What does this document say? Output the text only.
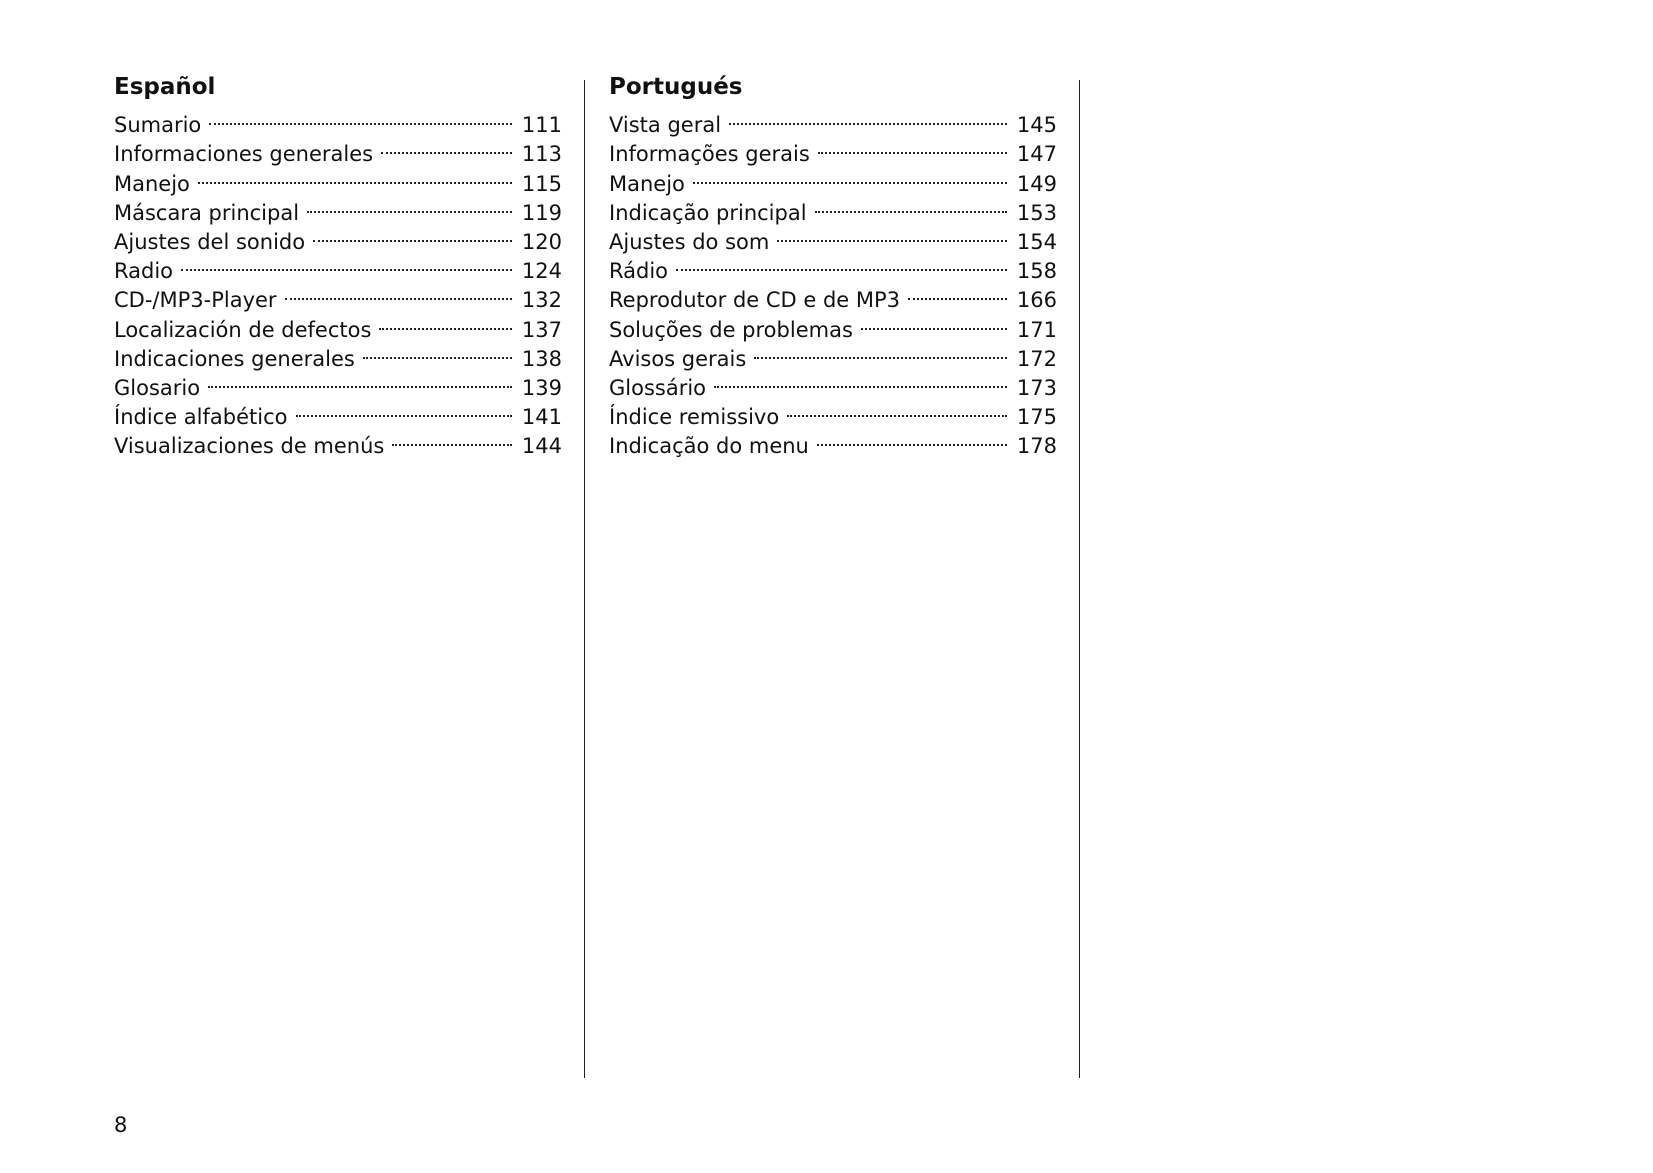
Español
Sumario	111
Informaciones generales	113
Manejo	115
Máscara principal	119
Ajustes del sonido	120
Radio	124
CD-/MP3-Player	132
Localización de defectos	137
Indicaciones generales	138
Glosario	139
Índice alfabético	141
Visualizaciones de menús	144
Portugués
Vista geral	145
Informações gerais	147
Manejo	149
Indicação principal	153
Ajustes do som	154
Rádio	158
Reprodutor de CD e de MP3	166
Soluções de problemas	171
Avisos gerais	172
Glossário	173
Índice remissivo	175
Indicação do menu	178
8
